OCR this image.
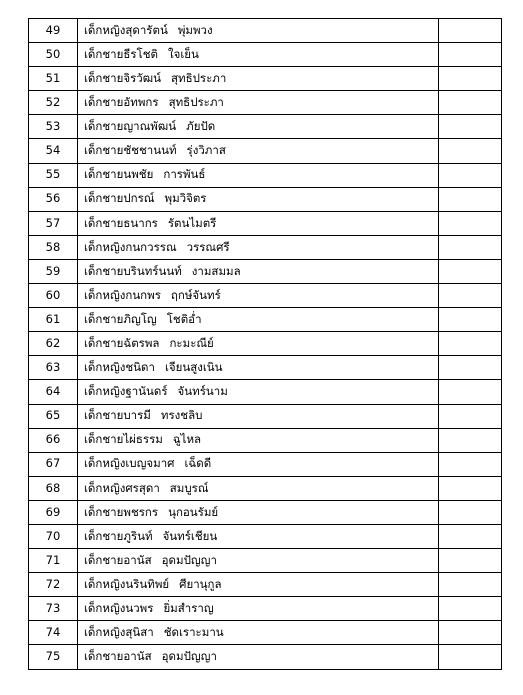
49	เด็กหญิงสุดารัตน์ พุ่มพวง	
50	เด็กชายธีรโชติ ใจเย็น	
51	เด็กชายจิรวัฒน์ สุทธิประภา	
52	เด็กชายอัทพกร สุทธิประภา	
53	เด็กชายญาณพัฒน์ ภัยปัด	
54	เด็กชายชัชชานนท์ รุ่งวิภาส	
55	เด็กชายนพชัย การพันธ์	
56	เด็กชายปกรณ์ พุมวิจิตร	
57	เด็กชายธนากร รัตนไมตรี	
58	เด็กหญิงกนกวรรณ วรรณศรี	
59	เด็กชายบรินทร์นนท์ งามสมมล	
60	เด็กหญิงกนกพร ฤกษ์จันทร์	
61	เด็กชายภิญโญ โชติอ่ำ	
62	เด็กชายฉัตรพล กะมะณีย์	
63	เด็กหญิงชนิดา เจียนสูงเนิน	
64	เด็กหญิงฐานันดร์ จันทร์นาม	
65	เด็กชายบารมี ทรงชลิบ	
66	เด็กชายไผ่ธรรม ฉูไหล	
67	เด็กหญิงเบญจมาศ เฉ็ดดี	
68	เด็กหญิงศรสุดา สมบูรณ์	
69	เด็กชายพชรกร นุกอนรัมย์	
70	เด็กชายภูรินท์ จันทร์เชียน	
71	เด็กชายอานัส อุดมปัญญา	
72	เด็กหญิงนรินทิพย์ ศียานุกูล	
73	เด็กหญิงนวพร ยิ่มสำราญ	
74	เด็กหญิงสุนิสา ชัดเราะมาน	
75	เด็กชายอานัส อุดมปัญญา	
